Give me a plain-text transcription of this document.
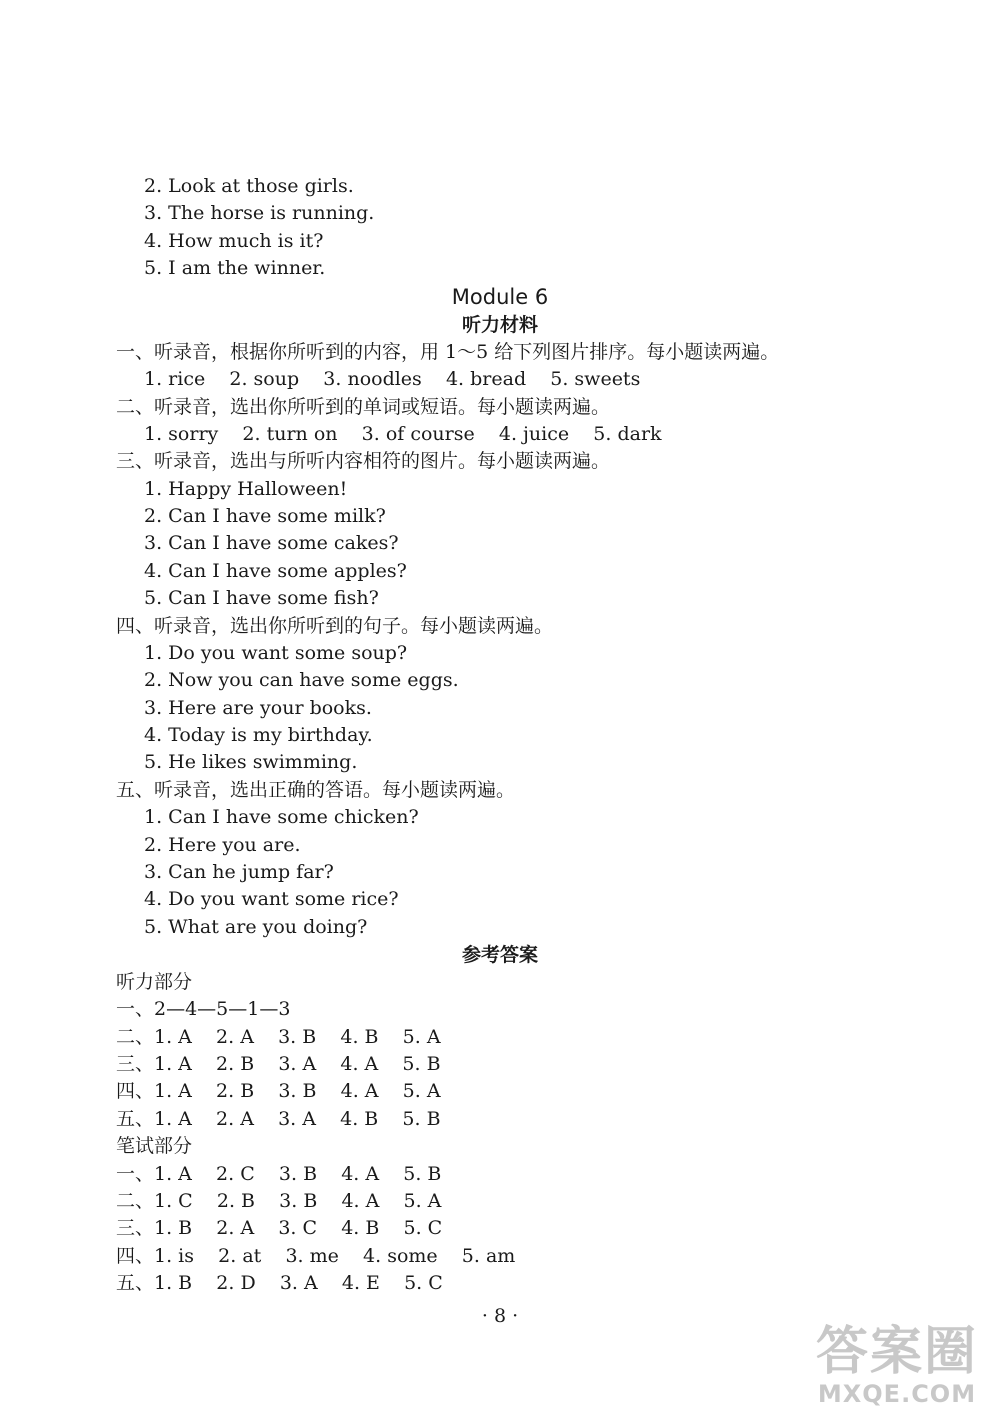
2. Look at those girls.
3. The horse is running.
4. How much is it?
5. I am the winner.
Module 6
听力材料
一、听录音，根据你所听到的内容，用 1～5 给下列图片排序。每小题读两遍。
1. rice    2. soup    3. noodles    4. bread    5. sweets
二、听录音，选出你所听到的单词或短语。每小题读两遍。
1. sorry    2. turn on    3. of course    4. juice    5. dark
三、听录音，选出与所听内容相符的图片。每小题读两遍。
1. Happy Halloween!
2. Can I have some milk?
3. Can I have some cakes?
4. Can I have some apples?
5. Can I have some fish?
四、听录音，选出你所听到的句子。每小题读两遍。
1. Do you want some soup?
2. Now you can have some eggs.
3. Here are your books.
4. Today is my birthday.
5. He likes swimming.
五、听录音，选出正确的答语。每小题读两遍。
1. Can I have some chicken?
2. Here you are.
3. Can he jump far?
4. Do you want some rice?
5. What are you doing?
参考答案
听力部分
一、2—4—5—1—3
二、1. A    2. A    3. B    4. B    5. A
三、1. A    2. B    3. A    4. A    5. B
四、1. A    2. B    3. B    4. A    5. A
五、1. A    2. A    3. A    4. B    5. B
笔试部分
一、1. A    2. C    3. B    4. A    5. B
二、1. C    2. B    3. B    4. A    5. A
三、1. B    2. A    3. C    4. B    5. C
四、1. is    2. at    3. me    4. some    5. am
五、1. B    2. D    3. A    4. E    5. C
· 8 ·
答案圈
MXQE.COM
